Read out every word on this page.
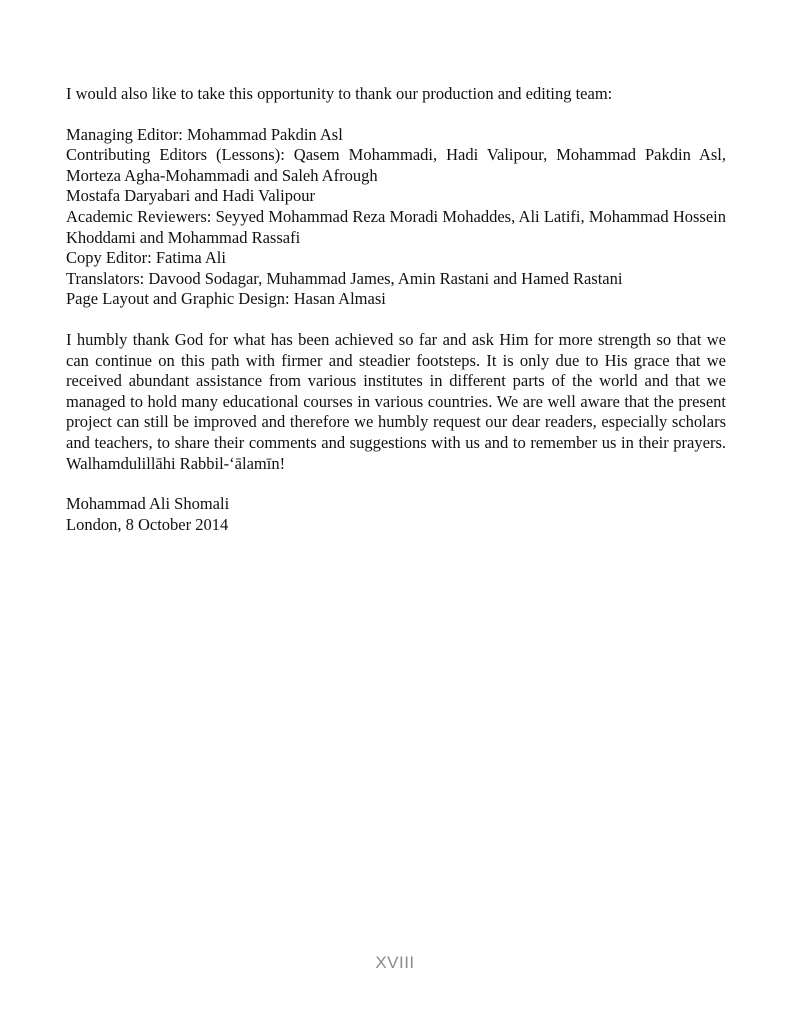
I would also like to take this opportunity to thank our production and editing team:

Managing Editor: Mohammad Pakdin Asl

Contributing Editors (Lessons): Qasem Mohammadi, Hadi Valipour, Mohammad Pakdin Asl, Morteza Agha-Mohammadi and Saleh Afrough

Mostafa Daryabari and Hadi Valipour

Academic Reviewers: Seyyed Mohammad Reza Moradi Mohaddes, Ali Latifi, Mohammad Hossein Khoddami and Mohammad Rassafi

Copy Editor: Fatima Ali

Translators: Davood Sodagar, Muhammad James, Amin Rastani and Hamed Rastani

Page Layout and Graphic Design: Hasan Almasi

I humbly thank God for what has been achieved so far and ask Him for more strength so that we can continue on this path with firmer and steadier footsteps. It is only due to His grace that we received abundant assistance from various institutes in different parts of the world and that we managed to hold many educational courses in various countries. We are well aware that the present project can still be improved and therefore we humbly request our dear readers, especially scholars and teachers, to share their comments and suggestions with us and to remember us in their prayers. Walhamdulillāhi Rabbil-‘ālamīn!

Mohammad Ali Shomali

London, 8 October 2014

XVIII
